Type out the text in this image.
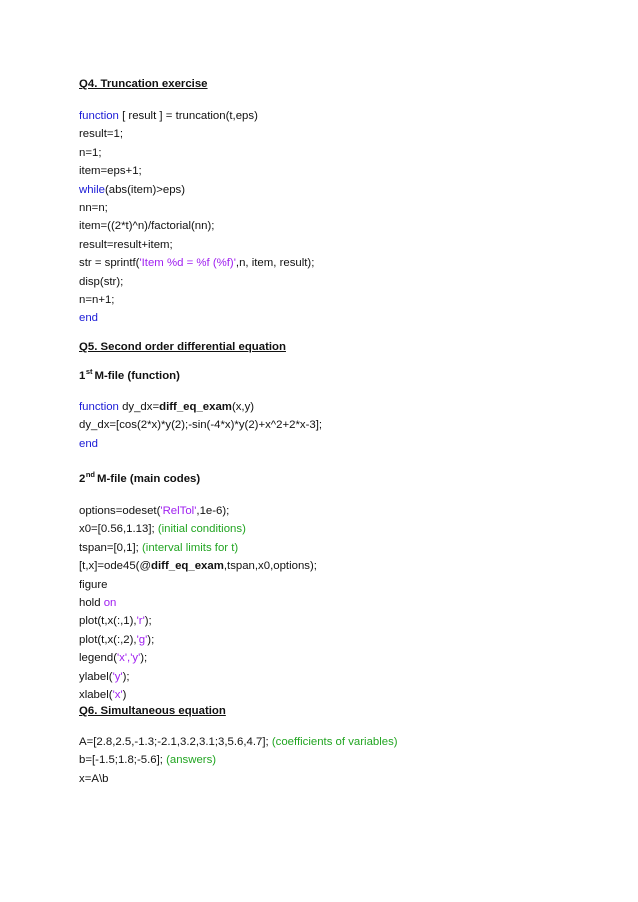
Q4. Truncation exercise
function [ result ] = truncation(t,eps)
result=1;
n=1;
item=eps+1;
while(abs(item)>eps)
nn=n;
item=((2*t)^n)/factorial(nn);
result=result+item;
str = sprintf('Item %d = %f (%f)',n, item, result);
disp(str);
n=n+1;
end
Q5. Second order differential equation
1st M-file (function)
function dy_dx=diff_eq_exam(x,y)
dy_dx=[cos(2*x)*y(2);-sin(-4*x)*y(2)+x^2+2*x-3];
end
2nd M-file (main codes)
options=odeset('RelTol',1e-6);
x0=[0.56,1.13]; (initial conditions)
tspan=[0,1]; (interval limits for t)
[t,x]=ode45(@diff_eq_exam,tspan,x0,options);
figure
hold on
plot(t,x(:,1),'r');
plot(t,x(:,2),'g');
legend('x','y');
ylabel('y');
xlabel('x')
Q6. Simultaneous equation
A=[2.8,2.5,-1.3;-2.1,3.2,3.1;3,5.6,4.7]; (coefficients of variables)
b=[-1.5;1.8;-5.6]; (answers)
x=A\b
